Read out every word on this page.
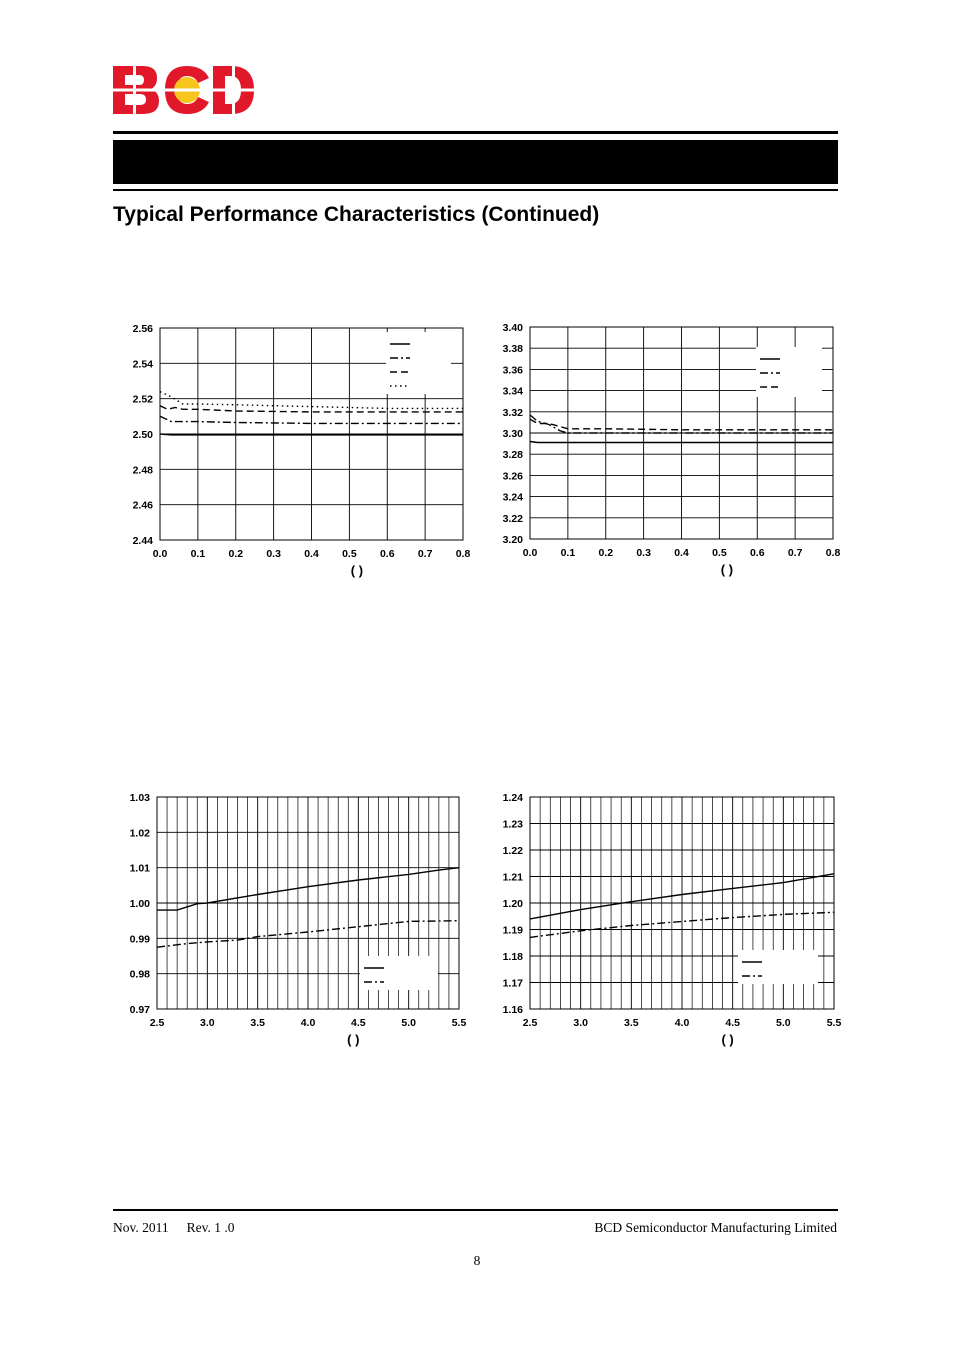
Typical Performance Characteristics (Continued)
0.0 0.1 0.2 0.3 0.4 0.5 0.6 0.7 0.8
2.56
2.54
2.52
2.50
2.48
2.46
2.44
( )
0.0 0.1 0.2 0.3 0.4 0.5 0.6 0.7 0.8
3.40
3.38
3.36
3.34
3.32
3.30
3.28
3.26
3.24
3.22
3.20
( )
2.5	3.0	3.5	4.0	4.5	5.0	5.5
1.03
1.02
1.01
1.00
0.99
0.98
0.97
( )
2.5	3.0	3.5	4.0	4.5	5.0	5.5
1.24
1.23
1.22
1.21
1.20
1.19
1.18
1.17
1.16
( )
Nov. 2011 Rev. 1 .0	BCD Semiconductor Manufacturing Limited
8
